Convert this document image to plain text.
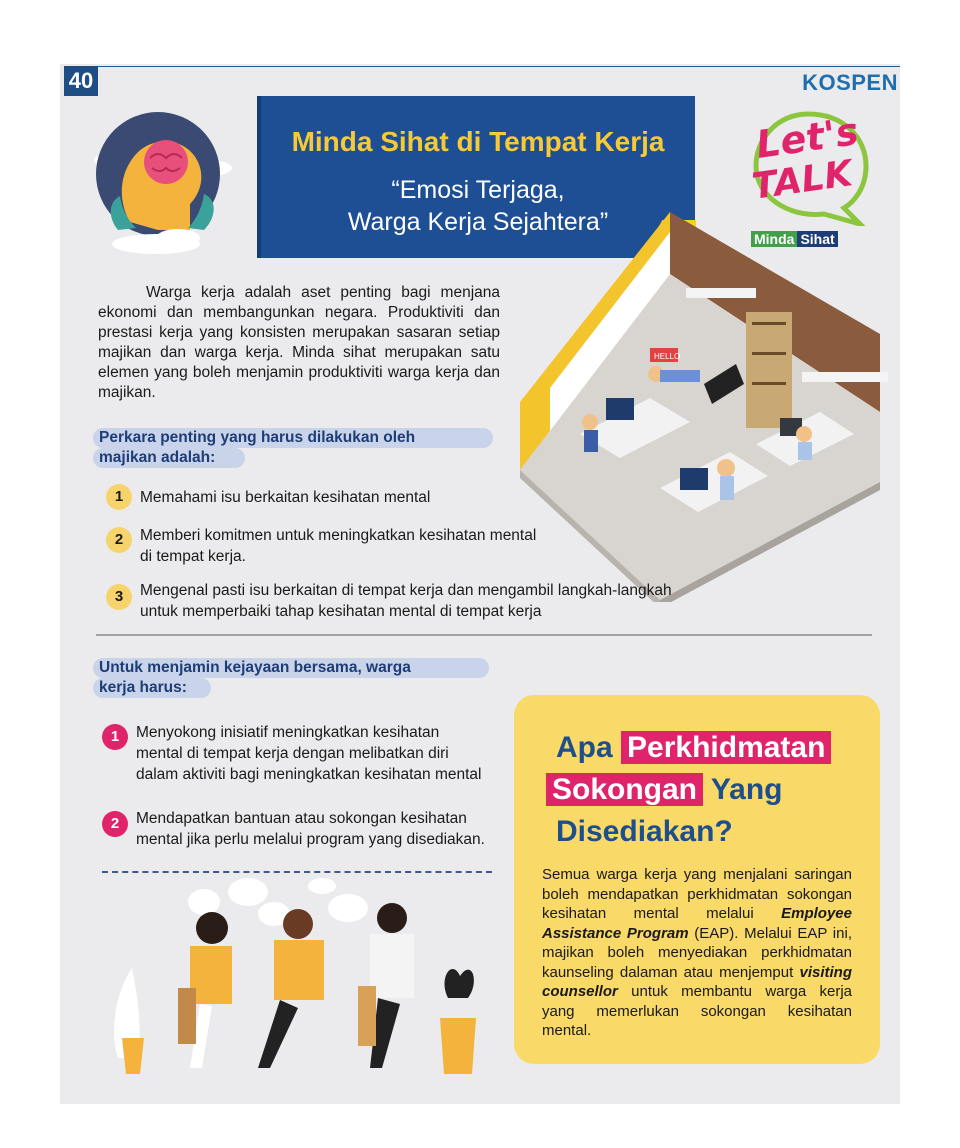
40	KOSPEN
Minda Sihat di Tempat Kerja
“Emosi Terjaga,
Warga Kerja Sejahtera”
Let's
TALK
Minda Sihat
HELLO
Warga kerja adalah aset penting bagi menjana ekonomi dan membangunkan negara. Produktiviti dan prestasi kerja yang konsisten merupakan sasaran setiap majikan dan warga kerja. Minda sihat merupakan satu elemen yang boleh menjamin produktiviti warga kerja dan majikan.
Perkara penting yang harus dilakukan oleh
majikan adalah:
1	Memahami isu berkaitan kesihatan mental
2	Memberi komitmen untuk meningkatkan kesihatan mental
di tempat kerja.
3	Mengenal pasti isu berkaitan di tempat kerja dan mengambil langkah-langkah
untuk memperbaiki tahap kesihatan mental di tempat kerja
Untuk menjamin kejayaan bersama, warga
kerja harus:
1	Menyokong inisiatif meningkatkan kesihatan
mental di tempat kerja dengan melibatkan diri
dalam aktiviti bagi meningkatkan kesihatan mental
2	Mendapatkan bantuan atau sokongan kesihatan
mental jika perlu melalui program yang disediakan.
Apa Perkhidmatan
Sokongan Yang
Disediakan?
Semua warga kerja yang menjalani saringan boleh mendapatkan perkhidmatan sokongan kesihatan mental melalui Employee Assistance Program (EAP). Melalui EAP ini, majikan boleh menyediakan perkhidmatan kaunseling dalaman atau menjemput visiting counsellor untuk membantu warga kerja yang memerlukan sokongan kesihatan mental.
